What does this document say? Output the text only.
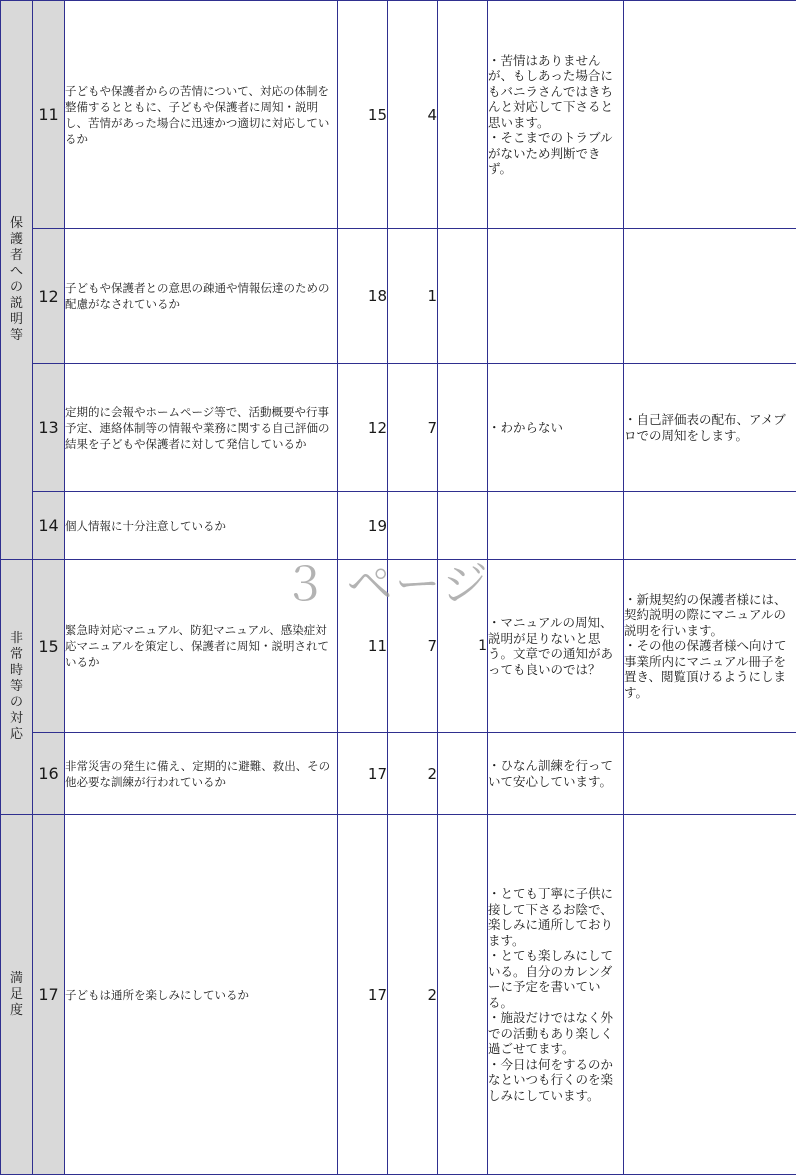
保護者への説明等	11	子どもや保護者からの苦情について、対応の体制を整備するとともに、子どもや保護者に周知・説明し、苦情があった場合に迅速かつ適切に対応しているか	15	4		・苦情はありませんが、もしあった場合にもバニラさんではきちんと対応して下さると思います。
・そこまでのトラブルがないため判断できず。	

	12	子どもや保護者との意思の疎通や情報伝達のための配慮がなされているか	18	1			
	13	定期的に会報やホームページ等で、活動概要や行事予定、連絡体制等の情報や業務に関する自己評価の結果を子どもや保護者に対して発信しているか	12	7		・わからない	・自己評価表の配布、アメブロでの周知をします。

	14	個人情報に十分注意しているか	19				
非常時等の対応	15	緊急時対応マニュアル、防犯マニュアル、感染症対応マニュアルを策定し、保護者に周知・説明されているか	11	7	1	・マニュアルの周知、説明が足りないと思う。文章での通知があっても良いのでは？	・新規契約の保護者様には、契約説明の際にマニュアルの説明を行います。
・その他の保護者様へ向けて事業所内にマニュアル冊子を置き、閲覧頂けるようにします。

	16	非常災害の発生に備え、定期的に避難、救出、その他必要な訓練が行われているか	17	2		・ひなん訓練を行っていて安心しています。	

満足度	17	子どもは通所を楽しみにしているか	17	2		・とても丁寧に子供に接して下さるお陰で、楽しみに通所しております。
・とても楽しみにしている。自分のカレンダーに予定を書いている。
・施設だけではなく外での活動もあり楽しく過ごせてます。
・今日は何をするのかなといつも行くのを楽しみにしています。	

３ ページ
